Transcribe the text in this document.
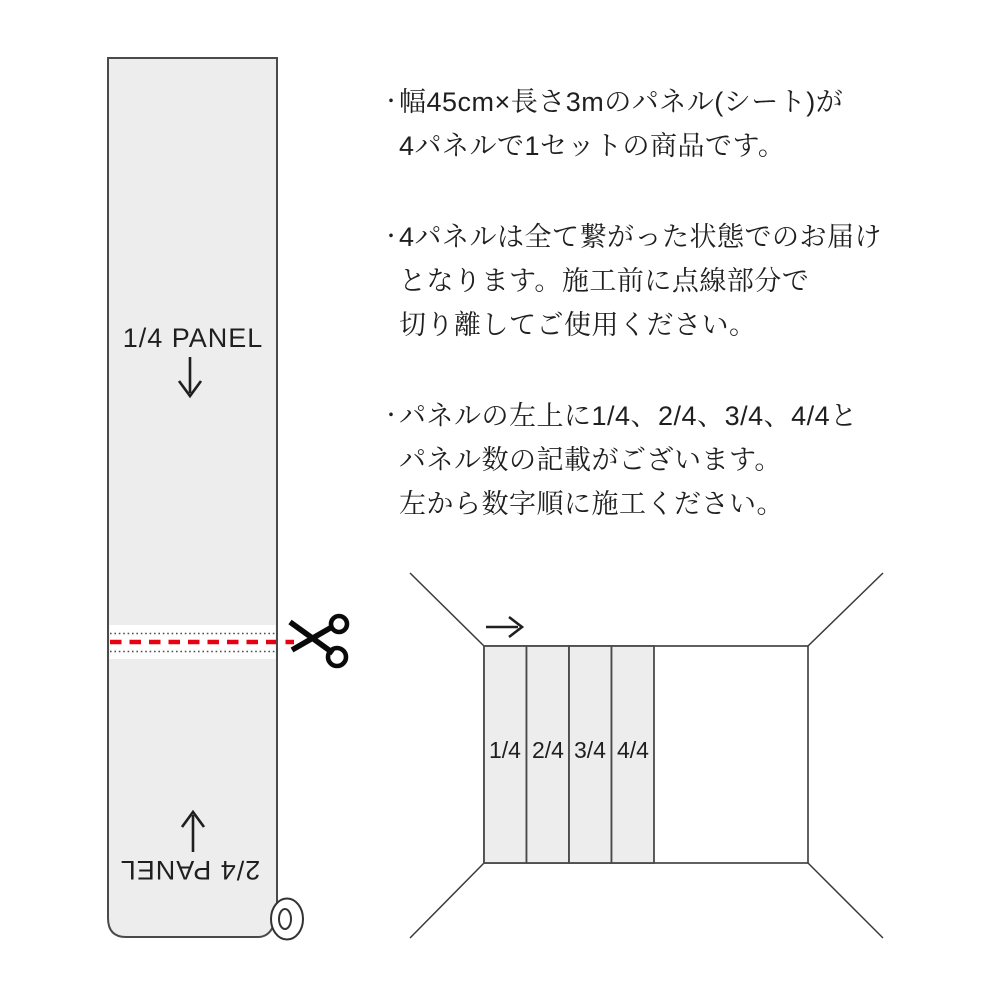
1/4 PANEL
2/4 PANEL
1/4 2/4 3/4 4/4
・
幅45cm×長さ3mのパネル(シート)が
4パネルで1セットの商品です。
・
4パネルは全て繋がった状態でのお届け
となります。施工前に点線部分で
切り離してご使用ください。
・
パネルの左上に1/4、2/4、3/4、4/4と
パネル数の記載がございます。
左から数字順に施工ください。
